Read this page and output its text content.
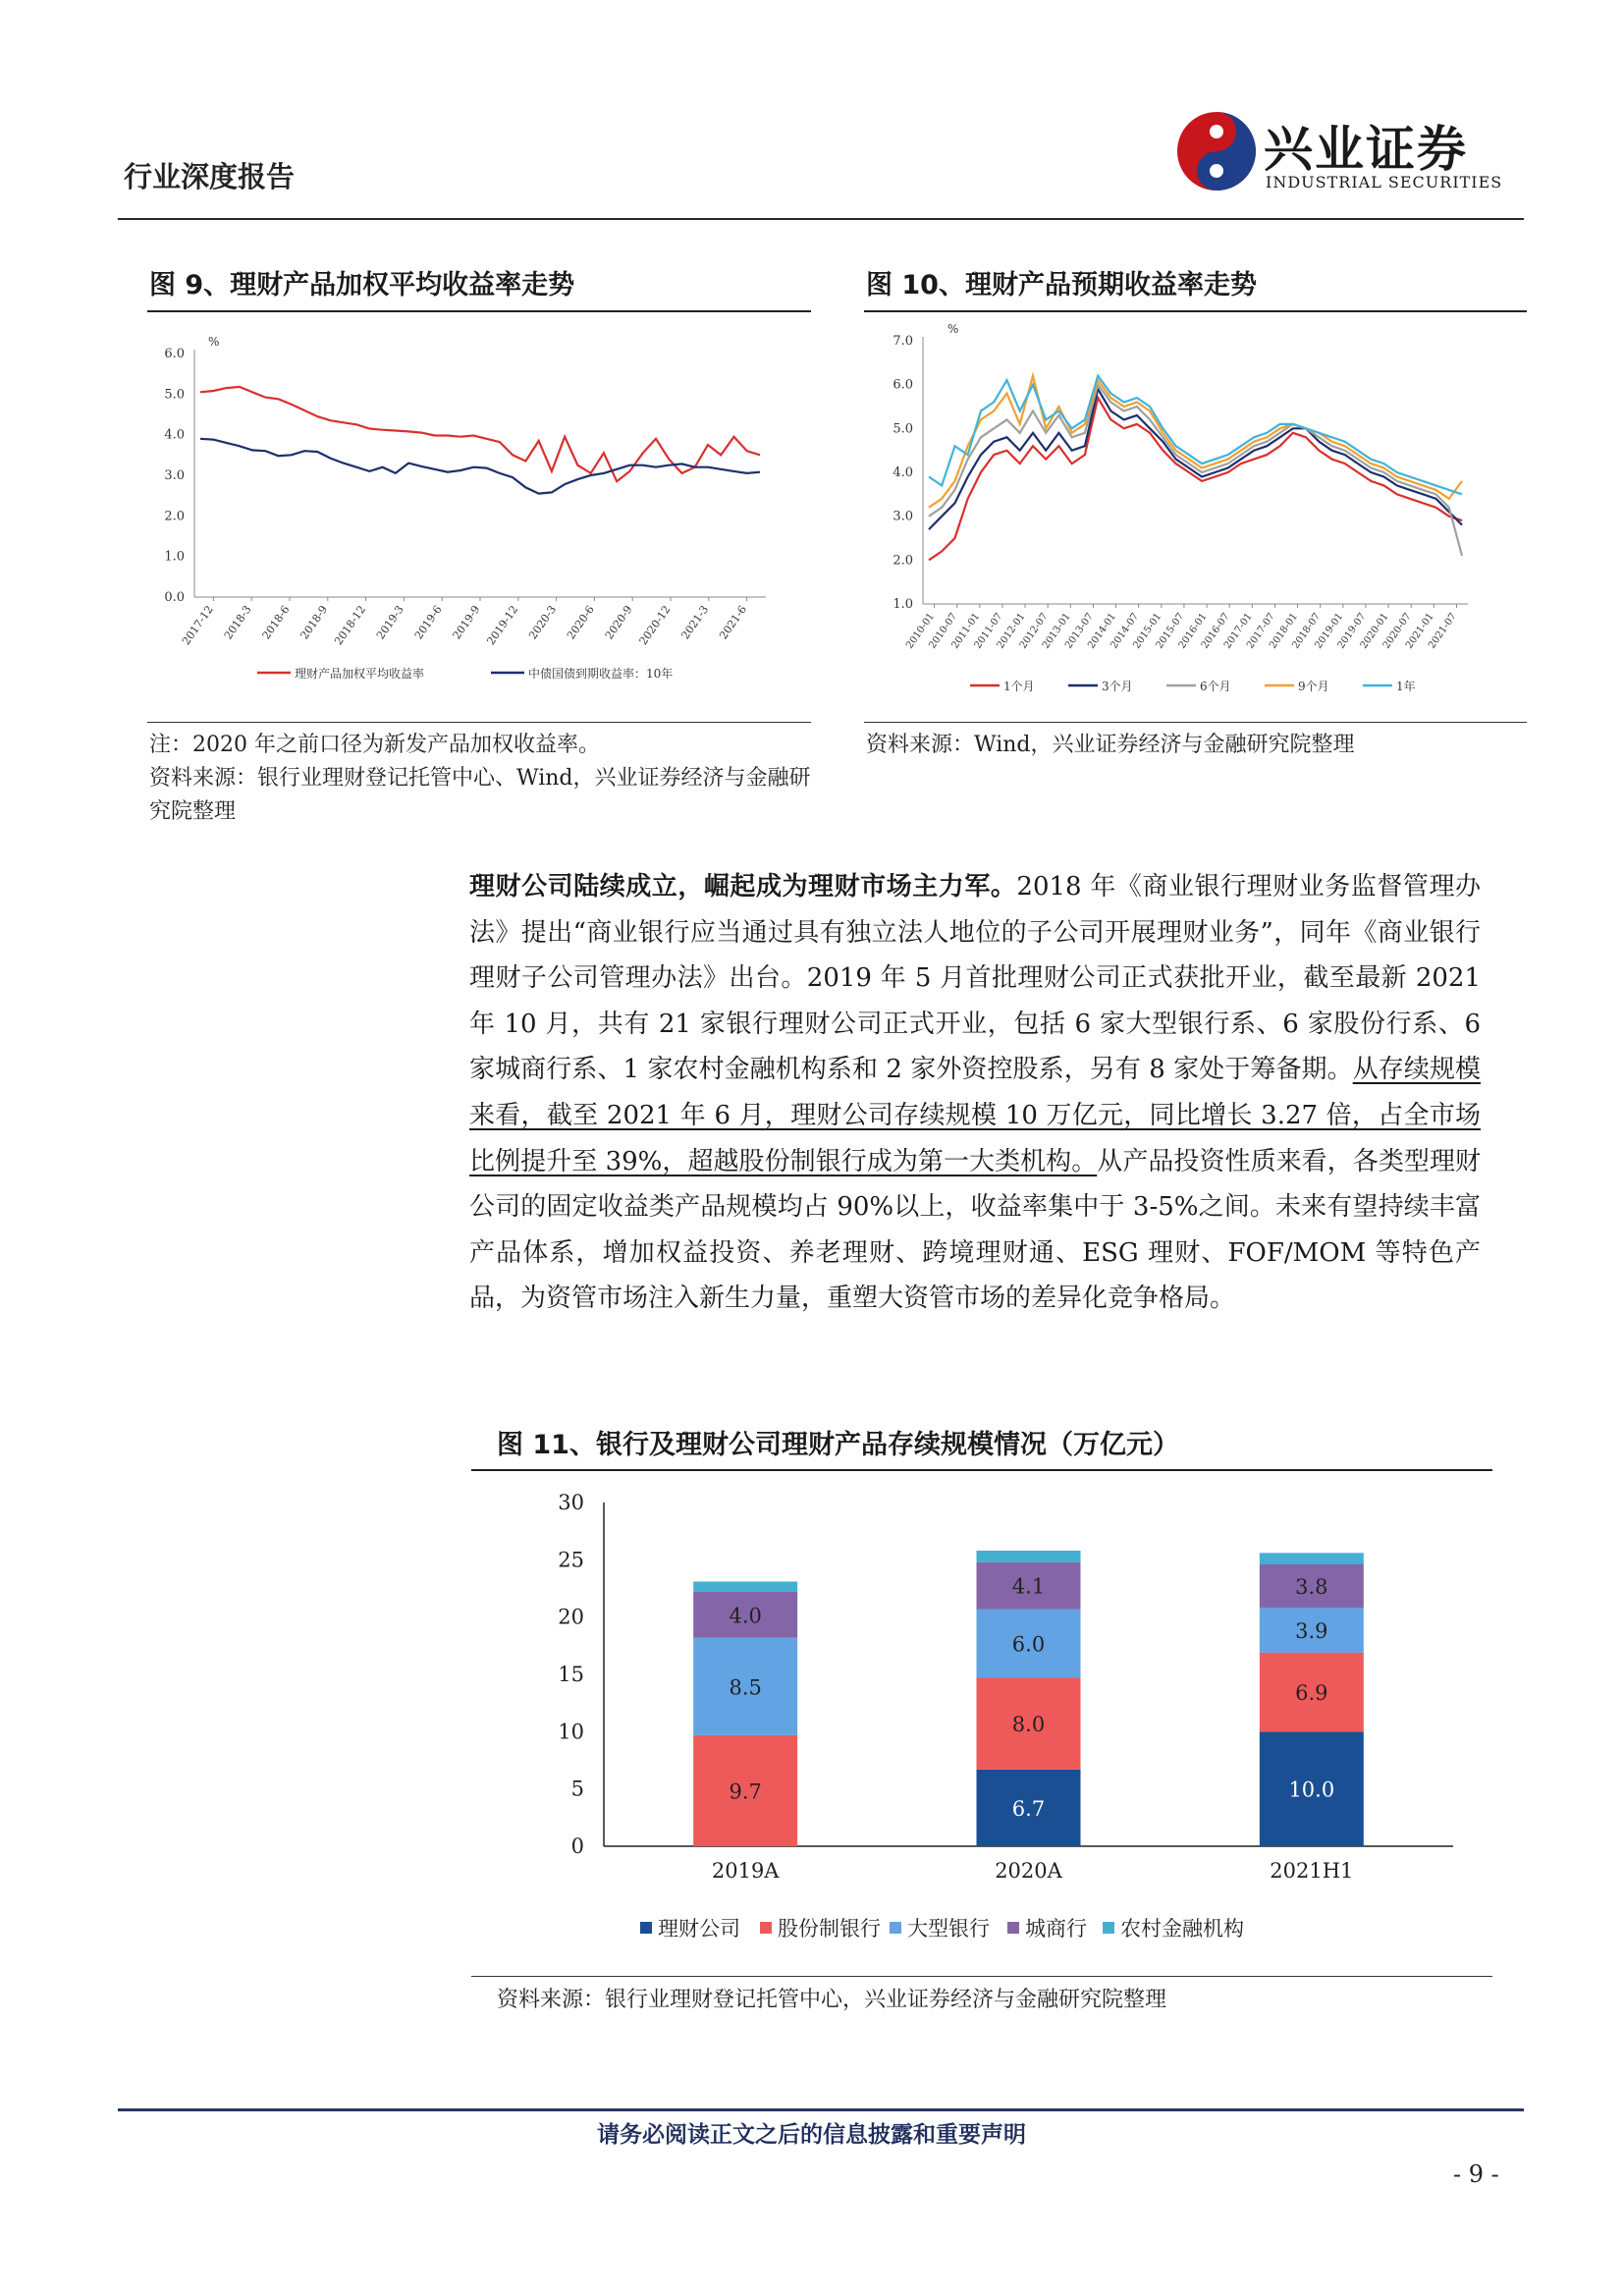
行业深度报告	兴业证券
INDUSTRIAL SECURITIES
图 9、理财产品加权平均收益率走势
%
0.0
1.0
2.0
3.0
4.0
5.0
6.0
2017-12 2018-3 2018-6 2018-9 2018-12 2019-3 2019-6 2019-9 2019-12 2020-3 2020-6 2020-9 2020-12 2021-3 2021-6
理财产品加权平均收益率	中债国债到期收益率：10年
注：2020 年之前口径为新发产品加权收益率。
资料来源：银行业理财登记托管中心、Wind，兴业证券经济与金融研究院整理
图 10、理财产品预期收益率走势
%
1.0
2.0
3.0
4.0
5.0
6.0
7.0
2010-01
2010-07
2011-01
2011-07
2012-01
2012-07
2013-01
2013-07
2014-01
2014-07
2015-01
2015-07
2016-01
2016-07
2017-01
2017-07
2018-01
2018-07
2019-01
2019-07
2020-01
2020-07
2021-01
2021-07
1个月	3个月	6个月	9个月	1年
资料来源：Wind，兴业证券经济与金融研究院整理
理财公司陆续成立，崛起成为理财市场主力军。2018 年《商业银行理财业务监督管理办法》提出“商业银行应当通过具有独立法人地位的子公司开展理财业务”，同年《商业银行理财子公司管理办法》出台。2019 年 5 月首批理财公司正式获批开业，截至最新 2021 年 10 月，共有 21 家银行理财公司正式开业，包括 6 家大型银行系、6 家股份行系、6 家城商行系、1 家农村金融机构系和 2 家外资控股系，另有 8 家处于筹备期。从存续规模来看，截至 2021 年 6 月，理财公司存续规模 10 万亿元，同比增长 3.27 倍，占全市场比例提升至 39%，超越股份制银行成为第一大类机构。从产品投资性质来看，各类型理财公司的固定收益类产品规模均占 90%以上，收益率集中于 3-5%之间。未来有望持续丰富产品体系，增加权益投资、养老理财、跨境理财通、ESG 理财、FOF/MOM 等特色产品，为资管市场注入新生力量，重塑大资管市场的差异化竞争格局。
图 11、银行及理财公司理财产品存续规模情况（万亿元）
0
5
10
15
20
25
30
9.7
8.5
4.0
2019A
6.7
8.0
6.0
4.1
2020A
10.0
6.9
3.9
3.8
2021H1
理财公司 股份制银行 大型银行 城商行 农村金融机构
资料来源：银行业理财登记托管中心，兴业证券经济与金融研究院整理
请务必阅读正文之后的信息披露和重要声明
- 9 -
